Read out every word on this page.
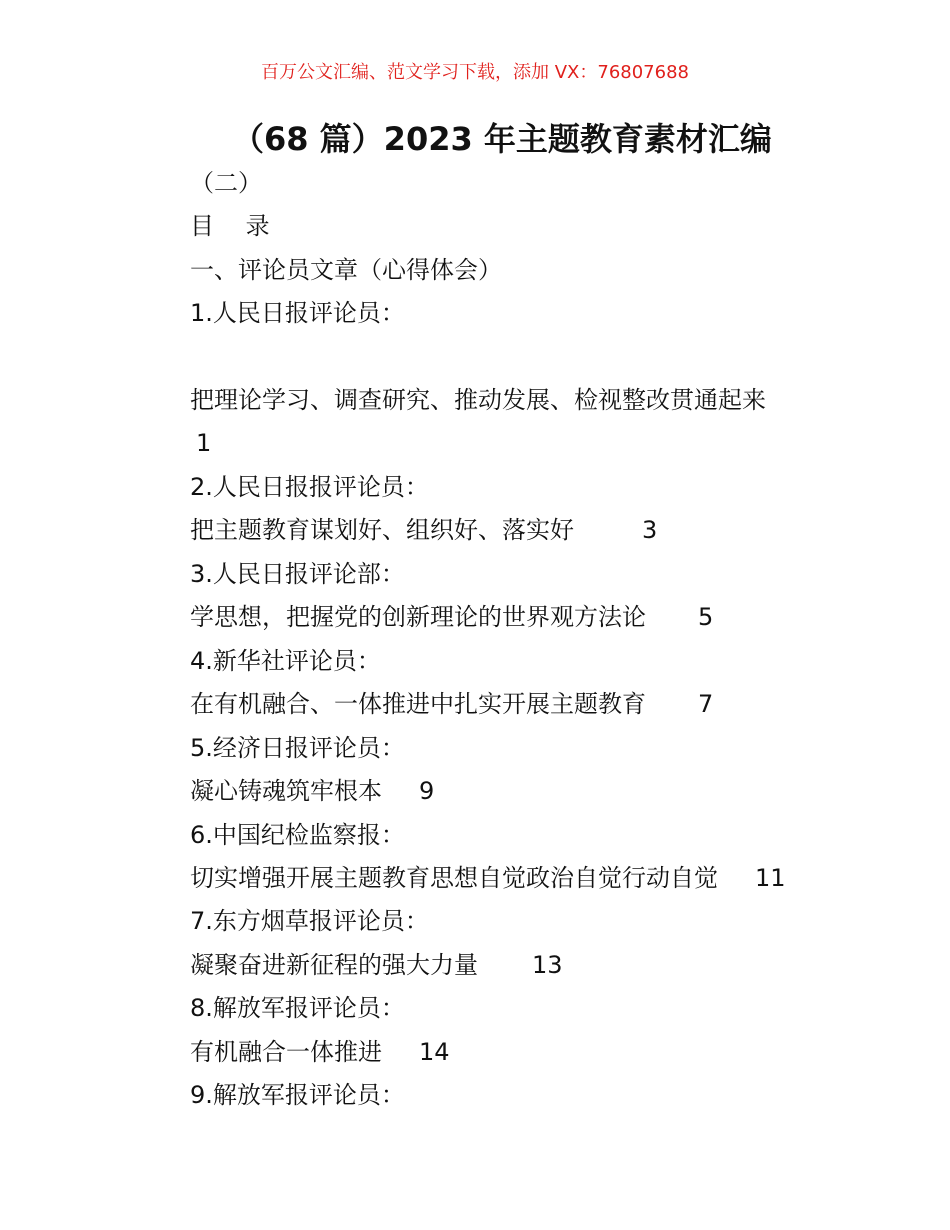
百万公文汇编、范文学习下载，添加 VX：76807688
（68 篇）2023 年主题教育素材汇编
（二）
目　 录
一、评论员文章（心得体会）
1.人民日报评论员：
把理论学习、调查研究、推动发展、检视整改贯通起来
1
2.人民日报报评论员：
把主题教育谋划好、组织好、落实好	3
3.人民日报评论部：
学思想，把握党的创新理论的世界观方法论 5
4.新华社评论员：
在有机融合、一体推进中扎实开展主题教育 7
5.经济日报评论员：
凝心铸魂筑牢根本 9
6.中国纪检监察报：
切实增强开展主题教育思想自觉政治自觉行动自觉 11
7.东方烟草报评论员：
凝聚奋进新征程的强大力量 13
8.解放军报评论员：
有机融合一体推进 14
9.解放军报评论员：
